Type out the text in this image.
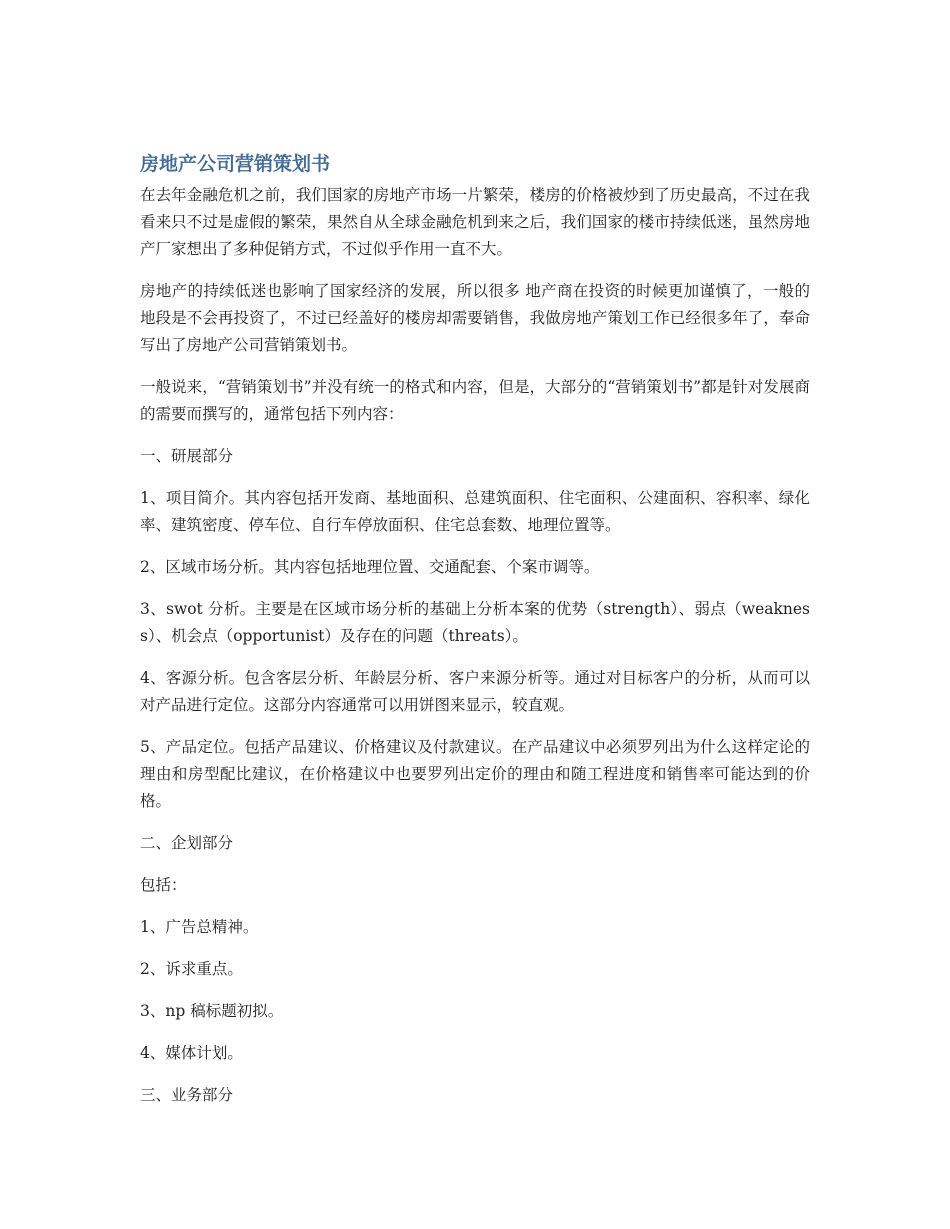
房地产公司营销策划书

在去年金融危机之前，我们国家的房地产市场一片繁荣，楼房的价格被炒到了历史最高，不过在我看来只不过是虚假的繁荣，果然自从全球金融危机到来之后，我们国家的楼市持续低迷，虽然房地产厂家想出了多种促销方式，不过似乎作用一直不大。

房地产的持续低迷也影响了国家经济的发展，所以很多 地产商在投资的时候更加谨慎了，一般的地段是不会再投资了，不过已经盖好的楼房却需要销售，我做房地产策划工作已经很多年了，奉命写出了房地产公司营销策划书。

一般说来，“营销策划书”并没有统一的格式和内容，但是，大部分的“营销策划书”都是针对发展商的需要而撰写的，通常包括下列内容：

一、研展部分

1、项目简介。其内容包括开发商、基地面积、总建筑面积、住宅面积、公建面积、容积率、绿化率、建筑密度、停车位、自行车停放面积、住宅总套数、地理位置等。

2、区域市场分析。其内容包括地理位置、交通配套、个案市调等。

3、swot 分析。主要是在区域市场分析的基础上分析本案的优势（strength）、弱点（weakness）、机会点（opportunist）及存在的问题（threats）。

4、客源分析。包含客层分析、年龄层分析、客户来源分析等。通过对目标客户的分析，从而可以对产品进行定位。这部分内容通常可以用饼图来显示，较直观。

5、产品定位。包括产品建议、价格建议及付款建议。在产品建议中必须罗列出为什么这样定论的理由和房型配比建议，在价格建议中也要罗列出定价的理由和随工程进度和销售率可能达到的价格。

二、企划部分

包括：

1、广告总精神。

2、诉求重点。

3、np 稿标题初拟。

4、媒体计划。

三、业务部分
